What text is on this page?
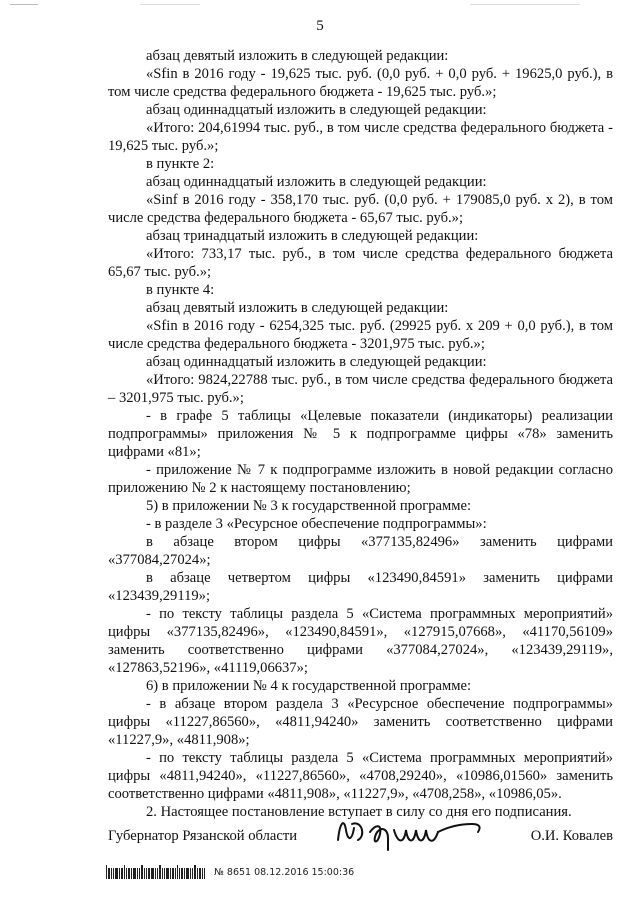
5

абзац девятый изложить в следующей редакции:

«Sfin в 2016 году - 19,625 тыс. руб. (0,0 руб. + 0,0 руб. + 19625,0 руб.), в том числе средства федерального бюджета - 19,625 тыс. руб.»;

абзац одиннадцатый изложить в следующей редакции:

«Итого: 204,61994 тыс. руб., в том числе средства федерального бюджета - 19,625 тыс. руб.»;

в пункте 2:

абзац одиннадцатый изложить в следующей редакции:

«Sinf в 2016 году - 358,170 тыс. руб. (0,0 руб. + 179085,0 руб. x 2), в том числе средства федерального бюджета - 65,67 тыс. руб.»;

абзац тринадцатый изложить в следующей редакции:

«Итого: 733,17 тыс. руб., в том числе средства федерального бюджета 65,67 тыс. руб.»;

в пункте 4:

абзац девятый изложить в следующей редакции:

«Sfin в 2016 году - 6254,325 тыс. руб. (29925 руб. x 209 + 0,0 руб.), в том числе средства федерального бюджета - 3201,975 тыс. руб.»;

абзац одиннадцатый изложить в следующей редакции:

«Итого: 9824,22788 тыс. руб., в том числе средства федерального бюджета – 3201,975 тыс. руб.»;

- в графе 5 таблицы «Целевые показатели (индикаторы) реализации подпрограммы» приложения № 5 к подпрограмме цифры «78» заменить цифрами «81»;

- приложение № 7 к подпрограмме изложить в новой редакции согласно приложению № 2 к настоящему постановлению;

5) в приложении № 3 к государственной программе:

- в разделе 3 «Ресурсное обеспечение подпрограммы»:

в абзаце втором цифры «377135,82496» заменить цифрами «377084,27024»;

в абзаце четвертом цифры «123490,84591» заменить цифрами «123439,29119»;

- по тексту таблицы раздела 5 «Система программных мероприятий» цифры «377135,82496», «123490,84591», «127915,07668», «41170,56109» заменить соответственно цифрами «377084,27024», «123439,29119», «127863,52196», «41119,06637»;

6) в приложении № 4 к государственной программе:

- в абзаце втором раздела 3 «Ресурсное обеспечение подпрограммы» цифры «11227,86560», «4811,94240» заменить соответственно цифрами «11227,9», «4811,908»;

- по тексту таблицы раздела 5 «Система программных мероприятий» цифры «4811,94240», «11227,86560», «4708,29240», «10986,01560» заменить соответственно цифрами «4811,908», «11227,9», «4708,258», «10986,05».

2. Настоящее постановление вступает в силу со дня его подписания.

Губернатор Рязанской области	О.И. Ковалев
№ 8651 08.12.2016 15:00:36
